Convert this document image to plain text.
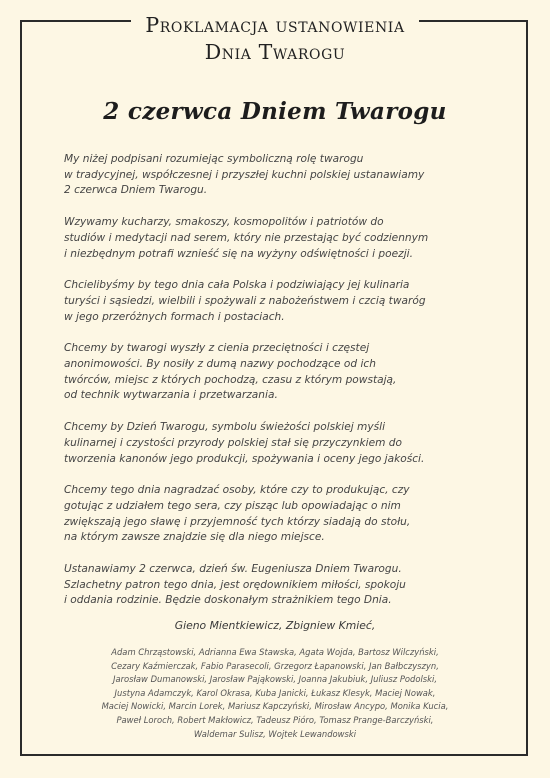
Proklamacja ustanowienia
Dnia Twarogu
2 czerwca Dniem Twarogu

My niżej podpisani rozumiejąc symboliczną rolę twarogu
w tradycyjnej, współczesnej i przyszłej kuchni polskiej ustanawiamy
2 czerwca Dniem Twarogu.

Wzywamy kucharzy, smakoszy, kosmopolitów i patriotów do
studiów i medytacji nad serem, który nie przestając być codziennym
i niezbędnym potrafi wznieść się na wyżyny odświętności i poezji.

Chcielibyśmy by tego dnia cała Polska i podziwiający jej kulinaria
turyści i sąsiedzi, wielbili i spożywali z nabożeństwem i czcią twaróg
w jego przeróżnych formach i postaciach.

Chcemy by twarogi wyszły z cienia przeciętności i częstej
anonimowości. By nosiły z dumą nazwy pochodzące od ich
twórców, miejsc z których pochodzą, czasu z którym powstają,
od technik wytwarzania i przetwarzania.

Chcemy by Dzień Twarogu, symbolu świeżości polskiej myśli
kulinarnej i czystości przyrody polskiej stał się przyczynkiem do
tworzenia kanonów jego produkcji, spożywania i oceny jego jakości.

Chcemy tego dnia nagradzać osoby, które czy to produkując, czy
gotując z udziałem tego sera, czy pisząc lub opowiadając o nim
zwiększają jego sławę i przyjemność tych którzy siadają do stołu,
na którym zawsze znajdzie się dla niego miejsce.

Ustanawiamy 2 czerwca, dzień św. Eugeniusza Dniem Twarogu.
Szlachetny patron tego dnia, jest orędownikiem miłości, spokoju
i oddania rodzinie. Będzie doskonałym strażnikiem tego Dnia.

Gieno Mientkiewicz, Zbigniew Kmieć,
Adam Chrząstowski, Adrianna Ewa Stawska, Agata Wojda, Bartosz Wilczyński,
Cezary Kaźmierczak, Fabio Parasecoli, Grzegorz Łapanowski, Jan Bałbczyszyn,
Jarosław Dumanowski, Jarosław Pająkowski, Joanna Jakubiuk, Juliusz Podolski,
Justyna Adamczyk, Karol Okrasa, Kuba Janicki, Łukasz Klesyk, Maciej Nowak,
Maciej Nowicki, Marcin Lorek, Mariusz Kapczyński, Mirosław Ancypo, Monika Kucia,
Paweł Loroch, Robert Makłowicz, Tadeusz Pióro, Tomasz Prange-Barczyński,
Waldemar Sulisz, Wojtek Lewandowski
